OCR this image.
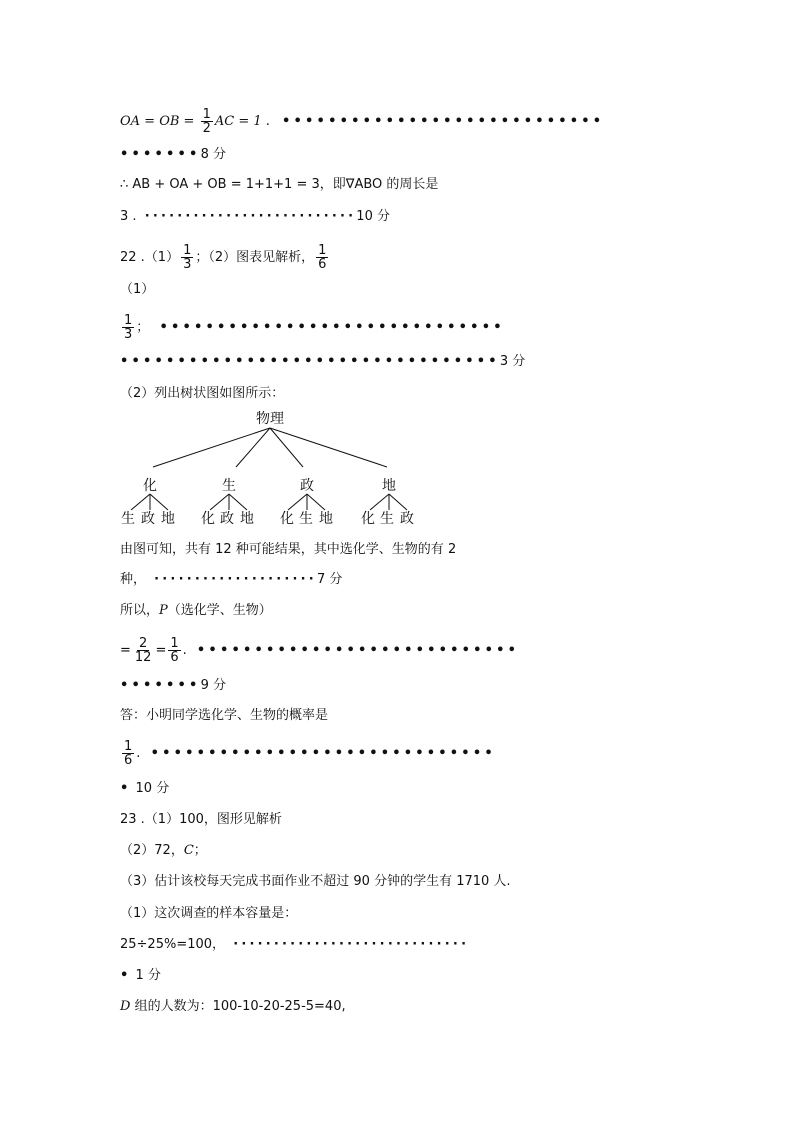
OA = OB = $\frac{1}{2}$ AC = 1 . ••••••••••••••••••••••••••••
•••••••8 分
∴ AB + OA + OB = 1+1+1 = 3，即∇ABO 的周长是
3 . ··························10 分
22 $.(1) \frac{1}{3}$ ；（2）图表见解析， $\frac{1}{6}$
（1）
$\frac{1}{3}$ ； ••••••••••••••••••••••••••••••
•••••••••••••••••••••••••••••••••3 分
（2）列出树状图如图所示：
物理
化	生	政	地
生 政 地 化 政 地 化 生 地 化 生 政
由图可知，共有 12 种可能结果，其中选化学、生物的有 2
种， ····················7 分
所以，P（选化学、生物）
= $\frac{2}{12} = \frac{1}{6}$ . ••••••••••••••••••••••••••••
•••••••9 分
答：小明同学选化学、生物的概率是
$\frac{1}{6}$ . ••••••••••••••••••••••••••••••
• 10 分
23 .（1）100，图形见解析
（2）72，C；
（3）估计该校每天完成书面作业不超过 90 分钟的学生有 1710 人.
（1）这次调查的样本容量是：
25÷25%=100， ·····························
• 1 分
D 组的人数为：100-10-20-25-5=40,
